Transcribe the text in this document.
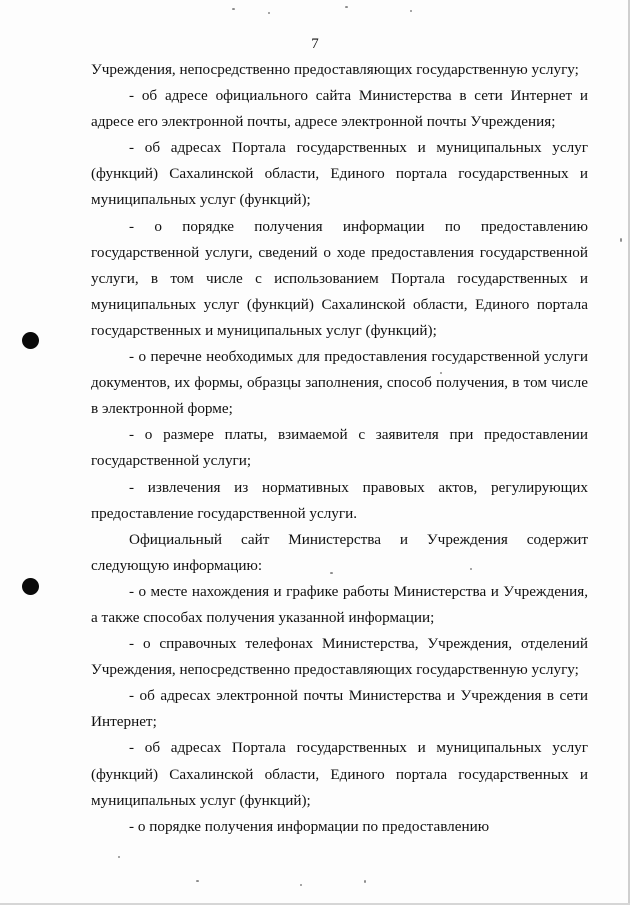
7

Учреждения, непосредственно предоставляющих государственную услугу;

- об адресе официального сайта Министерства в сети Интернет и адресе его электронной почты, адресе электронной почты Учреждения;

- об адресах Портала государственных и муниципальных услуг (функций) Сахалинской области, Единого портала государственных и муниципальных услуг (функций);

- о порядке получения информации по предоставлению государственной услуги, сведений о ходе предоставления государственной услуги, в том числе с использованием Портала государственных и муниципальных услуг (функций) Сахалинской области, Единого портала государственных и муниципальных услуг (функций);

- о перечне необходимых для предоставления государственной услуги документов, их формы, образцы заполнения, способ получения, в том числе в электронной форме;

- о размере платы, взимаемой с заявителя при предоставлении государственной услуги;

- извлечения из нормативных правовых актов, регулирующих предоставление государственной услуги.

Официальный сайт Министерства и Учреждения содержит следующую информацию:

- о месте нахождения и графике работы Министерства и Учреждения, а также способах получения указанной информации;

- о справочных телефонах Министерства, Учреждения, отделений Учреждения, непосредственно предоставляющих государственную услугу;

- об адресах электронной почты Министерства и Учреждения в сети Интернет;

- об адресах Портала государственных и муниципальных услуг (функций) Сахалинской области, Единого портала государственных и муниципальных услуг (функций);

- о порядке получения информации по предоставлению
